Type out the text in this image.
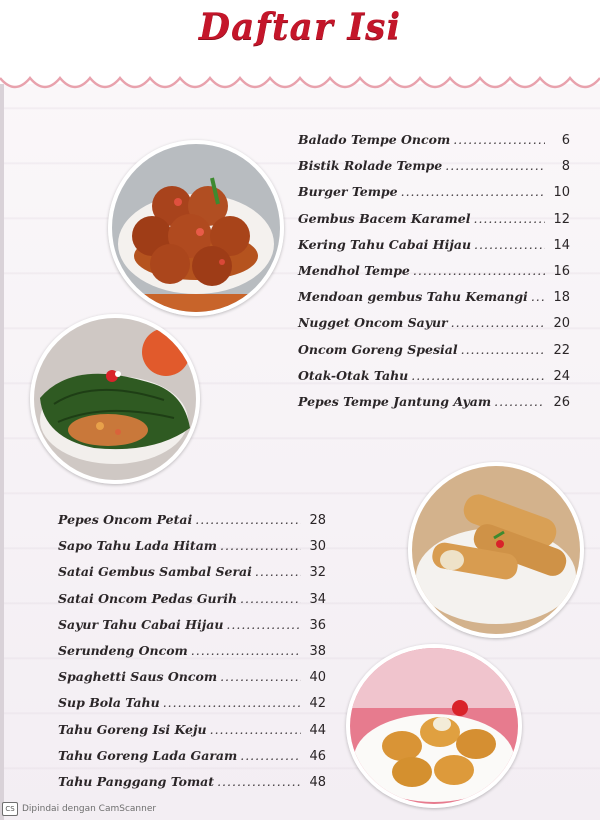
Daftar Isi
Balado Tempe Oncom .....	6
Bistik Rolade Tempe .....	8
Burger Tempe .....	10
Gembus Bacem Karamel .....	12
Kering Tahu Cabai Hijau .....	14
Mendhol Tempe .....	16
Mendoan gembus Tahu Kemangi .....	18
Nugget Oncom Sayur .....	20
Oncom Goreng Spesial .....	22
Otak-Otak Tahu .....	24
Pepes Tempe Jantung Ayam .....	26
Pepes Oncom Petai .....	28
Sapo Tahu Lada Hitam .....	30
Satai Gembus Sambal Serai .....	32
Satai Oncom Pedas Gurih .....	34
Sayur Tahu Cabai Hijau .....	36
Serundeng Oncom .....	38
Spaghetti Saus Oncom .....	40
Sup Bola Tahu .....	42
Tahu Goreng Isi Keju .....	44
Tahu Goreng Lada Garam .....	46
Tahu Panggang Tomat .....	48
CS Dipindai dengan CamScanner
